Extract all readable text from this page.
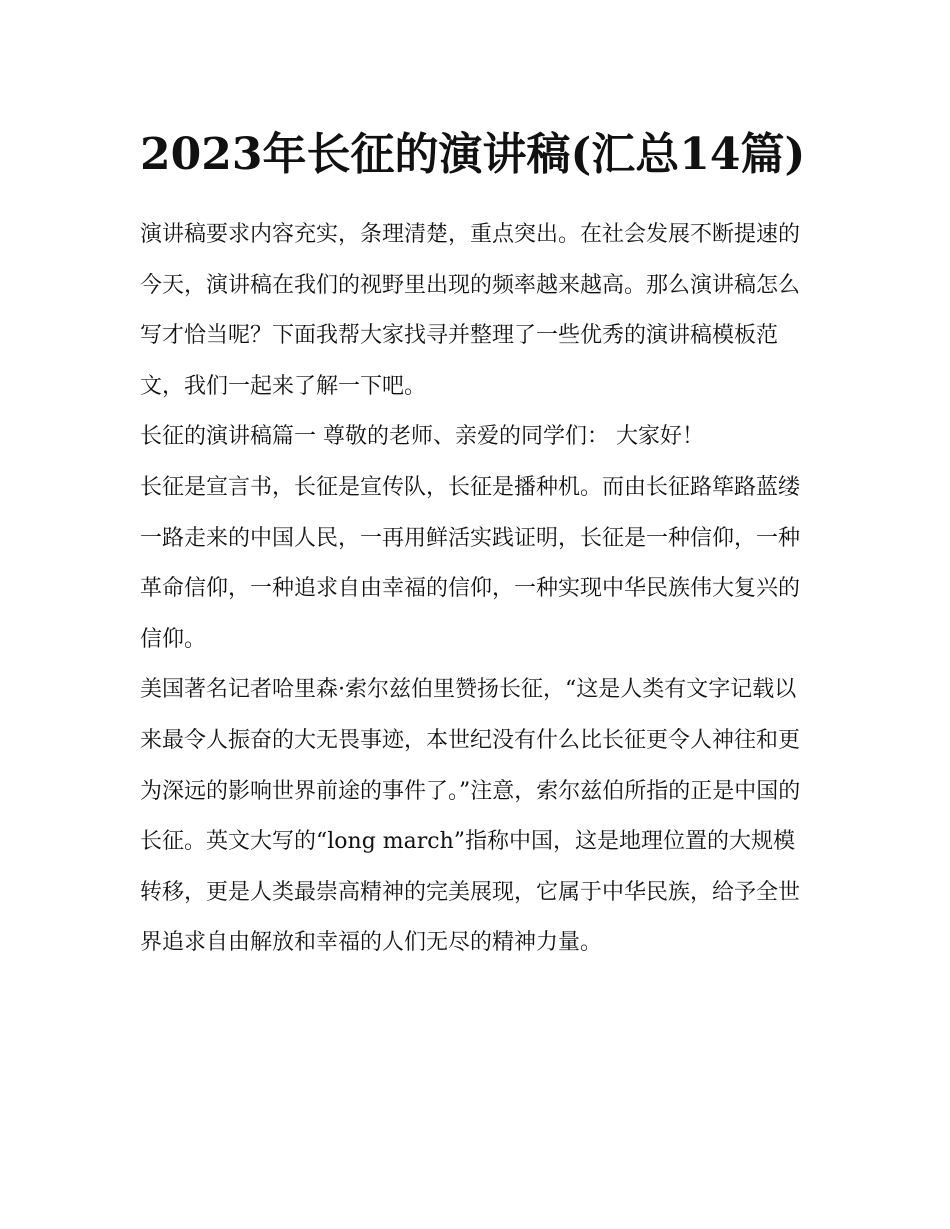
2023年长征的演讲稿(汇总14篇)

演讲稿要求内容充实，条理清楚，重点突出。在社会发展不断提速的今天，演讲稿在我们的视野里出现的频率越来越高。那么演讲稿怎么写才恰当呢？下面我帮大家找寻并整理了一些优秀的演讲稿模板范文，我们一起来了解一下吧。

长征的演讲稿篇一 尊敬的老师、亲爱的同学们： 大家好！

长征是宣言书，长征是宣传队，长征是播种机。而由长征路筚路蓝缕一路走来的中国人民，一再用鲜活实践证明，长征是一种信仰，一种革命信仰，一种追求自由幸福的信仰，一种实现中华民族伟大复兴的信仰。

美国著名记者哈里森·索尔兹伯里赞扬长征，“这是人类有文字记载以来最令人振奋的大无畏事迹，本世纪没有什么比长征更令人神往和更为深远的影响世界前途的事件了。”注意，索尔兹伯所指的正是中国的长征。英文大写的“long march”指称中国，这是地理位置的大规模转移，更是人类最崇高精神的完美展现，它属于中华民族，给予全世界追求自由解放和幸福的人们无尽的精神力量。
